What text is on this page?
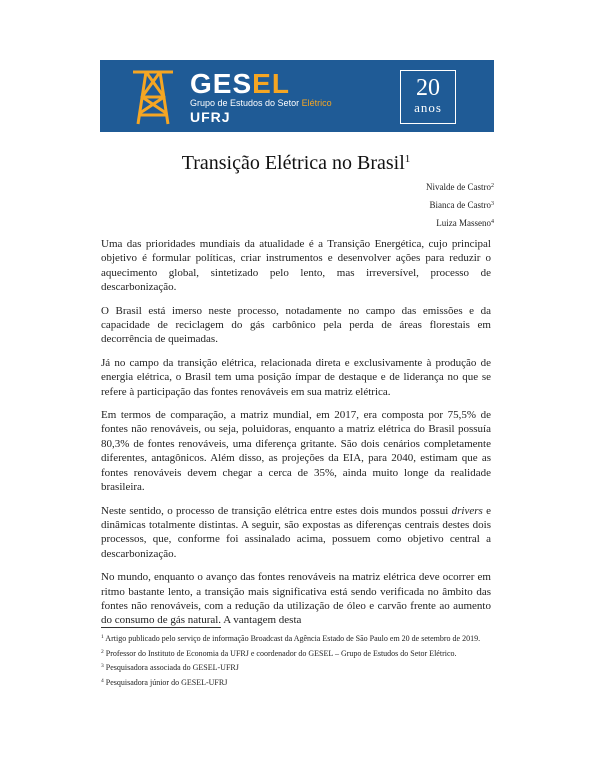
GESEL
Grupo de Estudos do Setor Elétrico
UFRJ
20
anos
Transição Elétrica no Brasil$^1$
Nivalde de Castro$^2$
Bianca de Castro$^3$
Luiza Masseno$^4$

Uma das prioridades mundiais da atualidade é a Transição Energética, cujo principal objetivo é formular políticas, criar instrumentos e desenvolver ações para reduzir o aquecimento global, sintetizado pelo lento, mas irreversível, processo de descarbonização.

O Brasil está imerso neste processo, notadamente no campo das emissões e da capacidade de reciclagem do gás carbônico pela perda de áreas florestais em decorrência de queimadas.

Já no campo da transição elétrica, relacionada direta e exclusivamente à produção de energia elétrica, o Brasil tem uma posição ímpar de destaque e de liderança no que se refere à participação das fontes renováveis em sua matriz elétrica.

Em termos de comparação, a matriz mundial, em 2017, era composta por 75,5% de fontes não renováveis, ou seja, poluidoras, enquanto a matriz elétrica do Brasil possuía 80,3% de fontes renováveis, uma diferença gritante. São dois cenários completamente diferentes, antagônicos. Além disso, as projeções da EIA, para 2040, estimam que as fontes renováveis devem chegar a cerca de 35%, ainda muito longe da realidade brasileira.

Neste sentido, o processo de transição elétrica entre estes dois mundos possui drivers e dinâmicas totalmente distintas. A seguir, são expostas as diferenças centrais destes dois processos, que, conforme foi assinalado acima, possuem como objetivo central a descarbonização.

No mundo, enquanto o avanço das fontes renováveis na matriz elétrica deve ocorrer em ritmo bastante lento, a transição mais significativa está sendo verificada no âmbito das fontes não renováveis, com a redução da utilização de óleo e carvão frente ao aumento do consumo de gás natural. A vantagem desta

$^1$ Artigo publicado pelo serviço de informação Broadcast da Agência Estado de São Paulo em 20 de setembro de 2019.
$^2$ Professor do Instituto de Economia da UFRJ e coordenador do GESEL – Grupo de Estudos do Setor Elétrico.
$^3$ Pesquisadora associada do GESEL-UFRJ
$^4$ Pesquisadora júnior do GESEL-UFRJ
